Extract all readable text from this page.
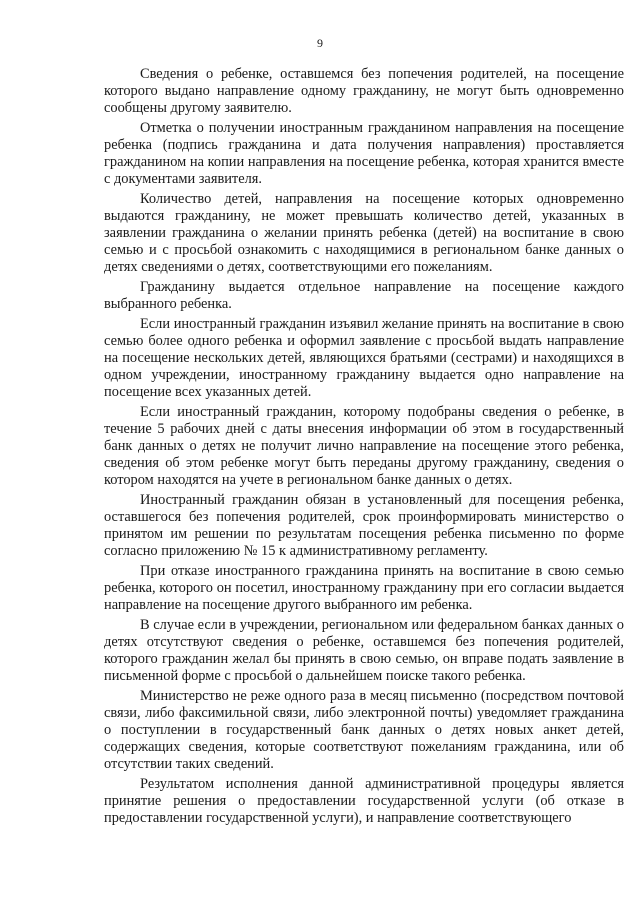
9

Сведения о ребенке, оставшемся без попечения родителей, на посещение которого выдано направление одному гражданину, не могут быть одновременно сообщены другому заявителю.

Отметка о получении иностранным гражданином направления на посещение ребенка (подпись гражданина и дата получения направления) проставляется гражданином на копии направления на посещение ребенка, которая хранится вместе с документами заявителя.

Количество детей, направления на посещение которых одновременно выдаются гражданину, не может превышать количество детей, указанных в заявлении гражданина о желании принять ребенка (детей) на воспитание в свою семью и с просьбой ознакомить с находящимися в региональном банке данных о детях сведениями о детях, соответствующими его пожеланиям.

Гражданину выдается отдельное направление на посещение каждого выбранного ребенка.

Если иностранный гражданин изъявил желание принять на воспитание в свою семью более одного ребенка и оформил заявление с просьбой выдать направление на посещение нескольких детей, являющихся братьями (сестрами) и находящихся в одном учреждении, иностранному гражданину выдается одно направление на посещение всех указанных детей.

Если иностранный гражданин, которому подобраны сведения о ребенке, в течение 5 рабочих дней с даты внесения информации об этом в государственный банк данных о детях не получит лично направление на посещение этого ребенка, сведения об этом ребенке могут быть переданы другому гражданину, сведения о котором находятся на учете в региональном банке данных о детях.

Иностранный гражданин обязан в установленный для посещения ребенка, оставшегося без попечения родителей, срок проинформировать министерство о принятом им решении по результатам посещения ребенка письменно по форме согласно приложению № 15 к административному регламенту.

При отказе иностранного гражданина принять на воспитание в свою семью ребенка, которого он посетил, иностранному гражданину при его согласии выдается направление на посещение другого выбранного им ребенка.

В случае если в учреждении, региональном или федеральном банках данных о детях отсутствуют сведения о ребенке, оставшемся без попечения родителей, которого гражданин желал бы принять в свою семью, он вправе подать заявление в письменной форме с просьбой о дальнейшем поиске такого ребенка.

Министерство не реже одного раза в месяц письменно (посредством почтовой связи, либо факсимильной связи, либо электронной почты) уведомляет гражданина о поступлении в государственный банк данных о детях новых анкет детей, содержащих сведения, которые соответствуют пожеланиям гражданина, или об отсутствии таких сведений.

Результатом исполнения данной административной процедуры является принятие решения о предоставлении государственной услуги (об отказе в предоставлении государственной услуги), и направление соответствующего
